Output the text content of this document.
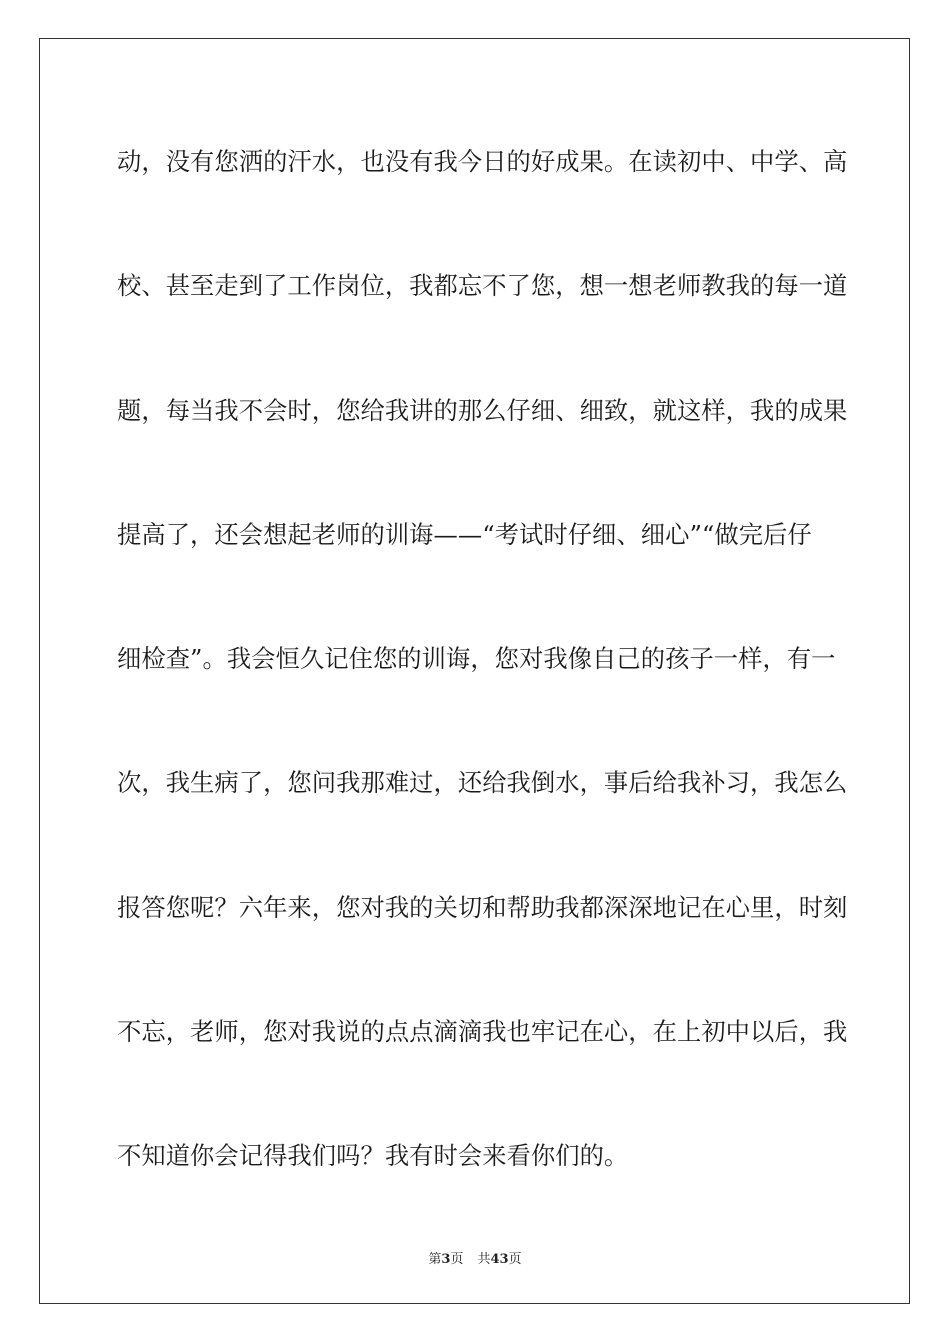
动，没有您洒的汗水，也没有我今日的好成果。在读初中、中学、高
校、甚至走到了工作岗位，我都忘不了您，想一想老师教我的每一道
题，每当我不会时，您给我讲的那么仔细、细致，就这样，我的成果
提高了，还会想起老师的训诲——“考试时仔细、细心”“做完后仔
细检查”。我会恒久记住您的训诲，您对我像自己的孩子一样，有一
次，我生病了，您问我那难过，还给我倒水，事后给我补习，我怎么
报答您呢？六年来，您对我的关切和帮助我都深深地记在心里，时刻
不忘，老师，您对我说的点点滴滴我也牢记在心，在上初中以后，我
不知道你会记得我们吗？我有时会来看你们的。
第3页 共43页
